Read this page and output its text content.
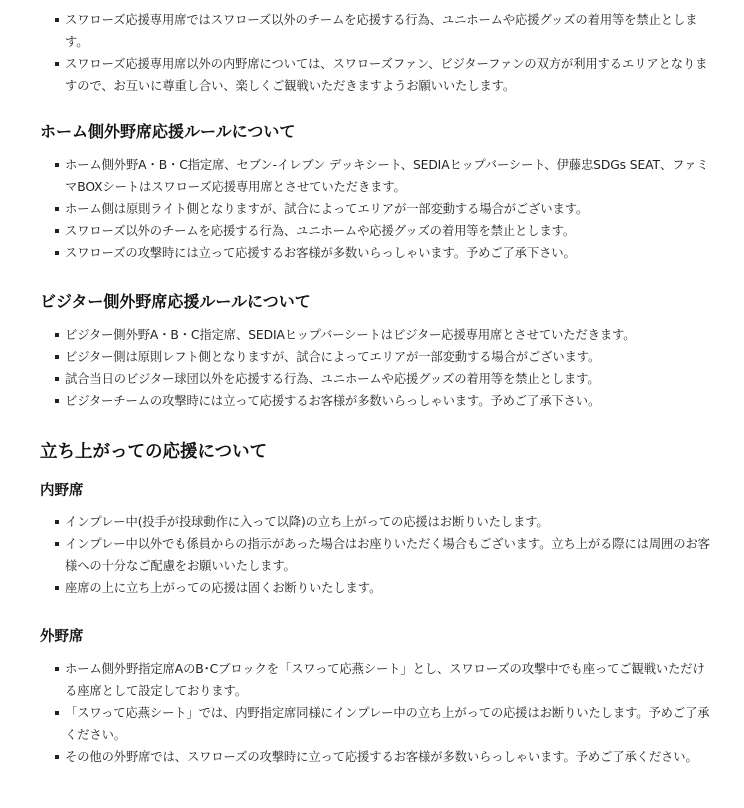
スワローズ応援専用席ではスワローズ以外のチームを応援する行為、ユニホームや応援グッズの着用等を禁止とします。
スワローズ応援専用席以外の内野席については、スワローズファン、ビジターファンの双方が利用するエリアとなりますので、お互いに尊重し合い、楽しくご観戦いただきますようお願いいたします。
ホーム側外野席応援ルールについて
ホーム側外野A・B・C指定席、セブン-イレブン デッキシート、SEDIAヒップバーシート、伊藤忠SDGs SEAT、ファミマBOXシートはスワローズ応援専用席とさせていただきます。
ホーム側は原則ライト側となりますが、試合によってエリアが一部変動する場合がございます。
スワローズ以外のチームを応援する行為、ユニホームや応援グッズの着用等を禁止とします。
スワローズの攻撃時には立って応援するお客様が多数いらっしゃいます。予めご了承下さい。
ビジター側外野席応援ルールについて
ビジター側外野A・B・C指定席、SEDIAヒップバーシートはビジター応援専用席とさせていただきます。
ビジター側は原則レフト側となりますが、試合によってエリアが一部変動する場合がございます。
試合当日のビジター球団以外を応援する行為、ユニホームや応援グッズの着用等を禁止とします。
ビジターチームの攻撃時には立って応援するお客様が多数いらっしゃいます。予めご了承下さい。
立ち上がっての応援について
内野席
インプレー中(投手が投球動作に入って以降)の立ち上がっての応援はお断りいたします。
インプレー中以外でも係員からの指示があった場合はお座りいただく場合もございます。立ち上がる際には周囲のお客様への十分なご配慮をお願いいたします。
座席の上に立ち上がっての応援は固くお断りいたします。
外野席
ホーム側外野指定席AのB･Cブロックを「スワって応燕シート」とし、スワローズの攻撃中でも座ってご観戦いただける座席として設定しております。
「スワって応燕シート」では、内野指定席同様にインプレー中の立ち上がっての応援はお断りいたします。予めご了承ください。
その他の外野席では、スワローズの攻撃時に立って応援するお客様が多数いらっしゃいます。予めご了承ください。
